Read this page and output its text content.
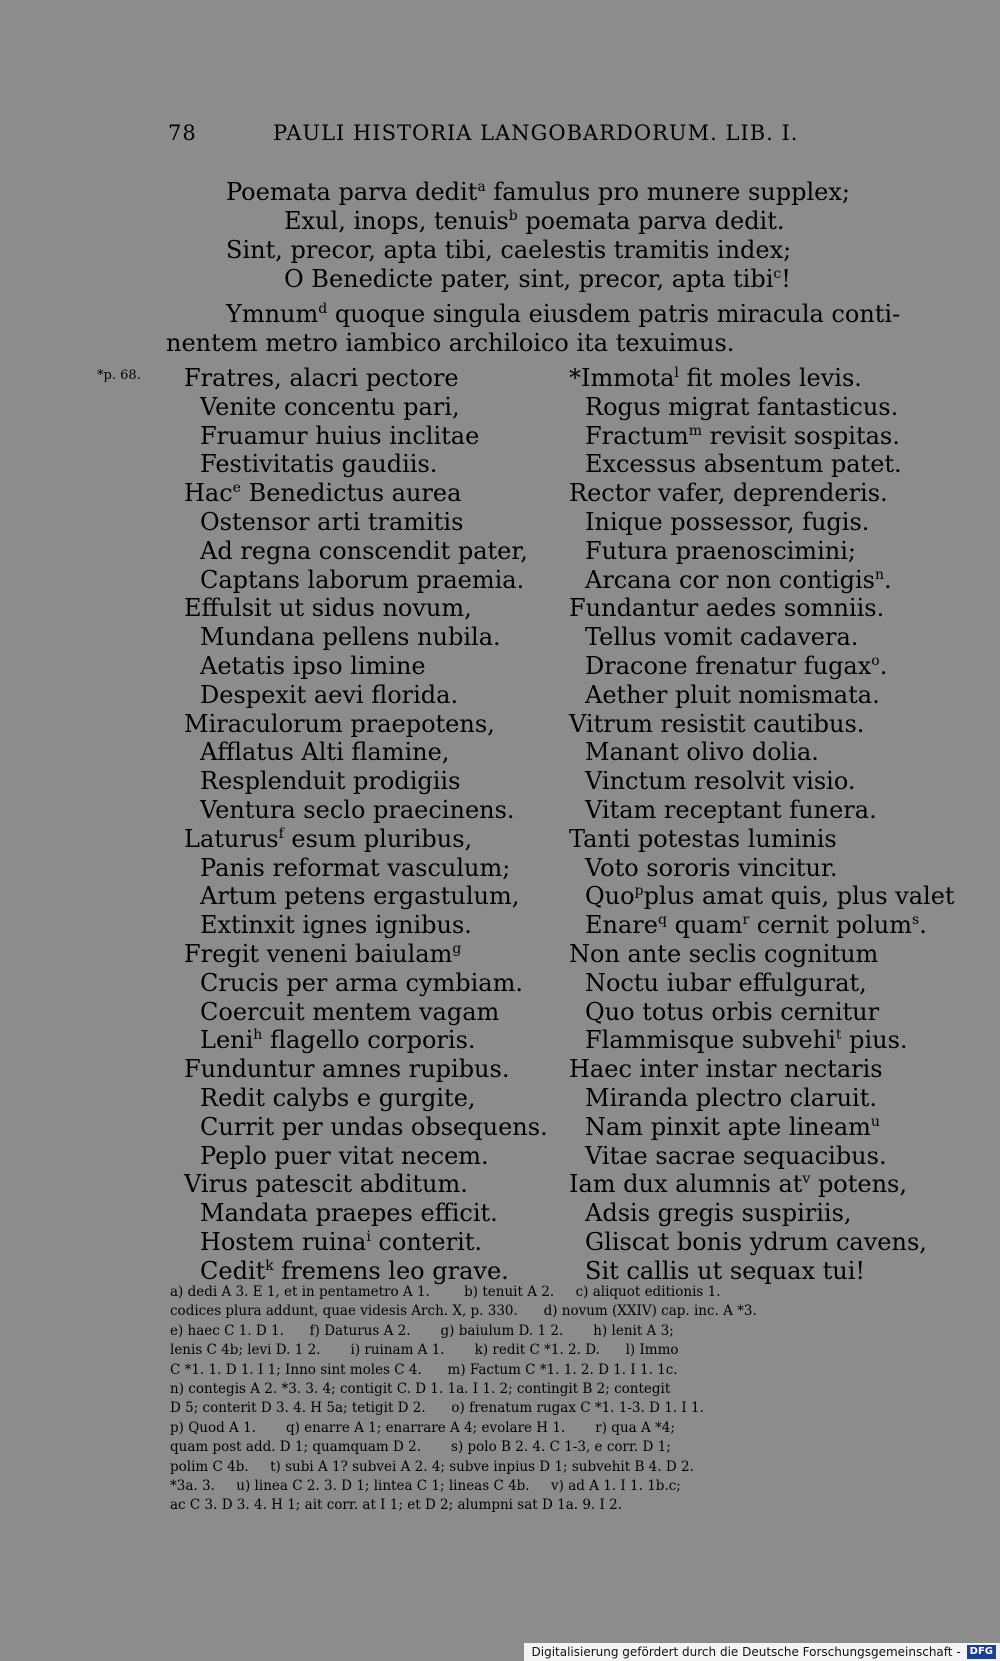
78	PAULI HISTORIA LANGOBARDORUM. LIB. I.
Poemata parva dedit$^a$ famulus pro munere supplex;
Exul, inops, tenuis$^b$ poemata parva dedit.
Sint, precor, apta tibi, caelestis tramitis index;
O Benedicte pater, sint, precor, apta tibi$^c$!
Ymnum$^d$ quoque singula eiusdem patris miracula conti-
nentem metro iambico archiloico ita texuimus.
*p. 68. Fratres, alacri pectore
Venite concentu pari,
Fruamur huius inclitae
Festivitatis gaudiis.
Hac$^e$ Benedictus aurea
Ostensor arti tramitis
Ad regna conscendit pater,
Captans laborum praemia.
Effulsit ut sidus novum,
Mundana pellens nubila.
Aetatis ipso limine
Despexit aevi florida.
Miraculorum praepotens,
Afflatus Alti flamine,
Resplenduit prodigiis
Ventura seclo praecinens.
Laturus$^f$ esum pluribus,
Panis reformat vasculum;
Artum petens ergastulum,
Extinxit ignes ignibus.
Fregit veneni baiulam$^g$
Crucis per arma cymbiam.
Coercuit mentem vagam
Leni$^h$ flagello corporis.
Funduntur amnes rupibus.
Redit calybs e gurgite,
Currit per undas obsequens.
Peplo puer vitat necem.
Virus patescit abditum.
Mandata praepes efficit.
Hostem ruina$^i$ conterit.
Cedit$^k$ fremens leo grave.
*Immota$^l$ fit moles levis.
Rogus migrat fantasticus.
Fractum$^m$ revisit sospitas.
Excessus absentum patet.
Rector vafer, deprenderis.
Inique possessor, fugis.
Futura praenoscimini;
Arcana cor non contigis$^n$.
Fundantur aedes somniis.
Tellus vomit cadavera.
Dracone frenatur fugax$^o$.
Aether pluit nomismata.
Vitrum resistit cautibus.
Manant olivo dolia.
Vinctum resolvit visio.
Vitam receptant funera.
Tanti potestas luminis
Voto sororis vincitur.
Quo$^p$plus amat quis, plus valet
Enare$^q$ quam$^r$ cernit polum$^s$.
Non ante seclis cognitum
Noctu iubar effulgurat,
Quo totus orbis cernitur
Flammisque subvehi$^t$ pius.
Haec inter instar nectaris
Miranda plectro claruit.
Nam pinxit apte lineam$^u$
Vitae sacrae sequacibus.
Iam dux alumnis $at^v$ potens,
Adsis gregis suspiriis,
Gliscat bonis ydrum cavens,
Sit callis ut sequax tui!
a) dedi A 3. E 1, et in pentametro A 1.        b) tenuit A 2.     c) aliquot editionis 1.
codices plura addunt, quae videsis Arch. X, p. 330.      d) novum (XXIV) cap. inc. A *3.
e) haec C 1. D 1.      f) Daturus A 2.       g) baiulum D. 1 2.       h) lenit A 3;
lenis C 4b; levi D. 1 2.       i) ruinam A 1.       k) redit C *1. 2. D.      l) Immo
C *1. 1. D 1. I 1; Inno sint moles C 4.      m) Factum C *1. 1. 2. D 1. I 1. 1c.
n) contegis A 2. *3. 3. 4; contigit C. D 1. 1a. I 1. 2; contingit B 2; contegit
D 5; conterit D 3. 4. H 5a; tetigit D 2.      o) frenatum rugax C *1. 1-3. D 1. I 1.
p) Quod A 1.       q) enarre A 1; enarrare A 4; evolare H 1.       r) qua A *4;
quam post add. D 1; quamquam D 2.       s) polo B 2. 4. C 1-3, e corr. D 1;
polim C 4b.     t) subi A 1? subvei A 2. 4; subve inpius D 1; subvehit B 4. D 2.
*3a. 3.     u) linea C 2. 3. D 1; lintea C 1; lineas C 4b.     v) ad A 1. I 1. 1b.c;
ac C 3. D 3. 4. H 1; ait corr. at I 1; et D 2; alumpni sat D 1a. 9. I 2.
Digitalisierung gefördert durch die Deutsche Forschungsgemeinschaft - DFG
